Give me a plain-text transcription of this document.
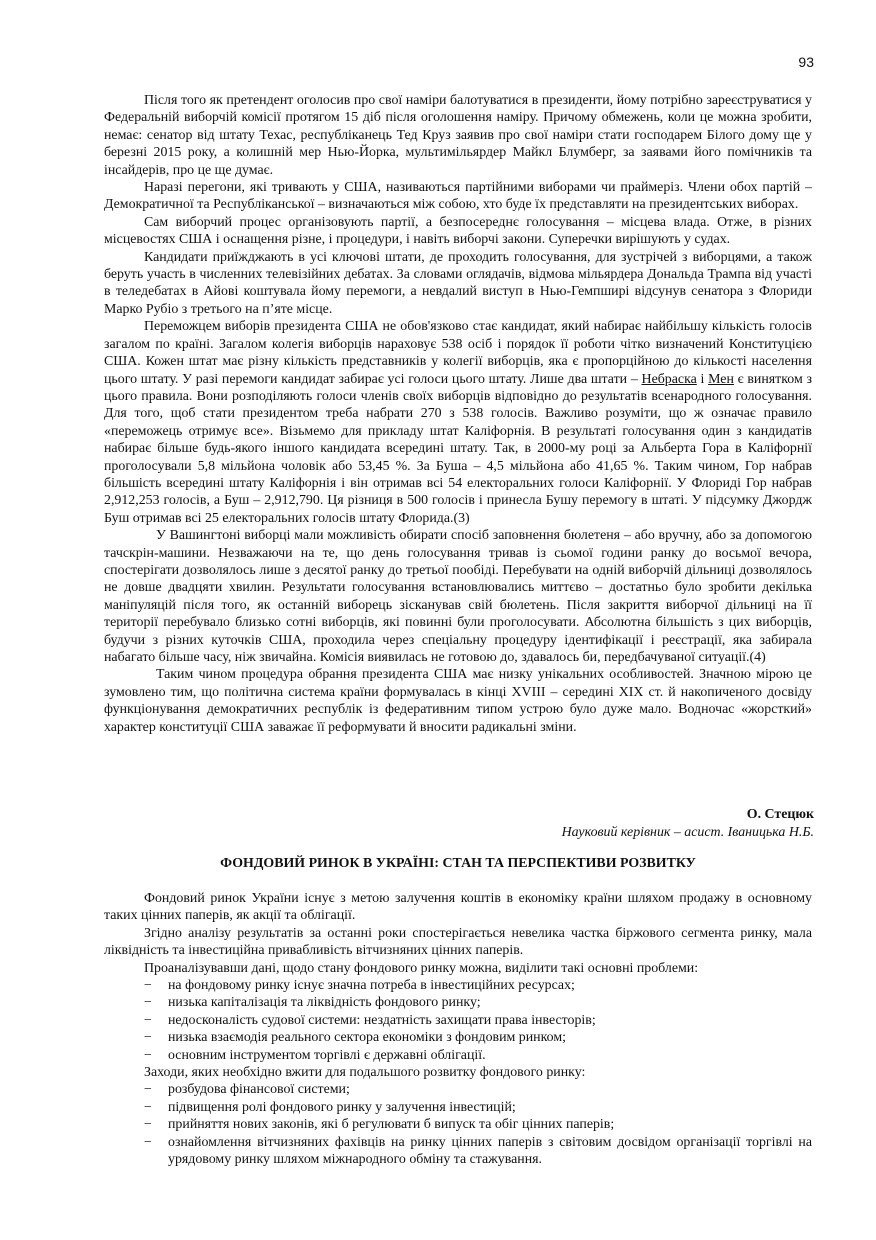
93

Після того як претендент оголосив про свої наміри балотуватися в президенти, йому потрібно зареєструватися у Федеральній виборчій комісії протягом 15 діб після оголошення наміру. Причому обмежень, коли це можна зробити, немає: сенатор від штату Техас, республіканець Тед Круз заявив про свої наміри стати господарем Білого дому ще у березні 2015 року, а колишній мер Нью-Йорка, мультимільярдер Майкл Блумберг, за заявами його помічників та інсайдерів, про це ще думає.

Наразі перегони, які тривають у США, називаються партійними виборами чи праймеріз. Члени обох партій – Демократичної та Республіканської – визначаються між собою, хто буде їх представляти на президентських виборах.

Сам виборчий процес організовують партії, а безпосереднє голосування – місцева влада. Отже, в різних місцевостях США і оснащення різне, і процедури, і навіть виборчі закони. Суперечки вирішують у судах.

Кандидати приїжджають в усі ключові штати, де проходить голосування, для зустрічей з виборцями, а також беруть участь в численних телевізійних дебатах. За словами оглядачів, відмова мільярдера Дональда Трампа від участі в теледебатах в Айові коштувала йому перемоги, а невдалий виступ в Нью-Гемпширі відсунув сенатора з Флориди Марко Рубіо з третього на п’яте місце.

Переможцем виборів президента США не обов'язково стає кандидат, який набирає найбільшу кількість голосів загалом по країні. Загалом колегія виборців нараховує 538 осіб і порядок її роботи чітко визначений Конституцією США. Кожен штат має різну кількість представників у колегії виборців, яка є пропорційною до кількості населення цього штату. У разі перемоги кандидат забирає усі голоси цього штату. Лише два штати – Небраска і Мен є винятком з цього правила. Вони розподіляють голоси членів своїх виборців відповідно до результатів всенародного голосування. Для того, щоб стати президентом треба набрати 270 з 538 голосів. Важливо розуміти, що ж означає правило «переможець отримує все». Візьмемо для прикладу штат Каліфорнія. В результаті голосування один з кандидатів набирає більше будь-якого іншого кандидата всередині штату. Так, в 2000-му році за Альберта Гора в Каліфорнії проголосували 5,8 мільйона чоловік або 53,45 %. За Буша – 4,5 мільйона або 41,65 %. Таким чином, Гор набрав більшість всередині штату Каліфорнія і він отримав всі 54 електоральних голоси Каліфорнії. У Флориді Гор набрав 2,912,253 голосів, а Буш – 2,912,790. Ця різниця в 500 голосів і принесла Бушу перемогу в штаті. У підсумку Джордж Буш отримав всі 25 електоральних голосів штату Флорида.(3)

У Вашингтоні виборці мали можливість обирати спосіб заповнення бюлетеня – або вручну, або за допомогою тачскрін-машини. Незважаючи на те, що день голосування тривав із сьомої години ранку до восьмої вечора, спостерігати дозволялось лише з десятої ранку до третьої пообіді. Перебувати на одній виборчій дільниці дозволялось не довше двадцяти хвилин. Результати голосування встановлювались миттєво – достатньо було зробити декілька маніпуляцій після того, як останній виборець зісканував свій бюлетень. Після закриття виборчої дільниці на її території перебувало близько сотні виборців, які повинні були проголосувати. Абсолютна більшість з цих виборців, будучи з різних куточків США, проходила через спеціальну процедуру ідентифікації і реєстрації, яка забирала набагато більше часу, ніж звичайна. Комісія виявилась не готовою до, здавалось би, передбачуваної ситуації.(4)

Таким чином процедура обрання президента США має низку унікальних особливостей. Значною мірою це зумовлено тим, що політична система країни формувалась в кінці XVIII – середині ХІХ ст. й накопиченого досвіду функціонування демократичних республік із федеративним типом устрою було дуже мало. Водночас «жорсткий» характер конституції США заважає її реформувати й вносити радикальні зміни.

О. Стецюк
Науковий керівник – асист. Іваницька Н.Б.
ФОНДОВИЙ РИНОК В УКРАЇНІ: СТАН ТА ПЕРСПЕКТИВИ РОЗВИТКУ

Фондовий ринок України існує з метою залучення коштів в економіку країни шляхом продажу в основному таких цінних паперів, як акції та облігації.

Згідно аналізу результатів за останні роки спостерігається невелика частка біржового сегмента ринку, мала ліквідність та інвестиційна привабливість вітчизняних цінних паперів.

Проаналізувавши дані, щодо стану фондового ринку можна, виділити такі основні проблеми:

− на фондовому ринку існує значна потреба в інвестиційних ресурсах;
− низька капіталізація та ліквідність фондового ринку;
− недосконалість судової системи: нездатність захищати права інвесторів;
− низька взаємодія реального сектора економіки з фондовим ринком;
− основним інструментом торгівлі є державні облігації.

Заходи, яких необхідно вжити для подальшого розвитку фондового ринку:

− розбудова фінансової системи;
− підвищення ролі фондового ринку у залучення інвестицій;
− прийняття нових законів, які б регулювати б випуск та обіг цінних паперів;
− ознайомлення вітчизняних фахівців на ринку цінних паперів з світовим досвідом організації торгівлі на урядовому ринку шляхом міжнародного обміну та стажування.
